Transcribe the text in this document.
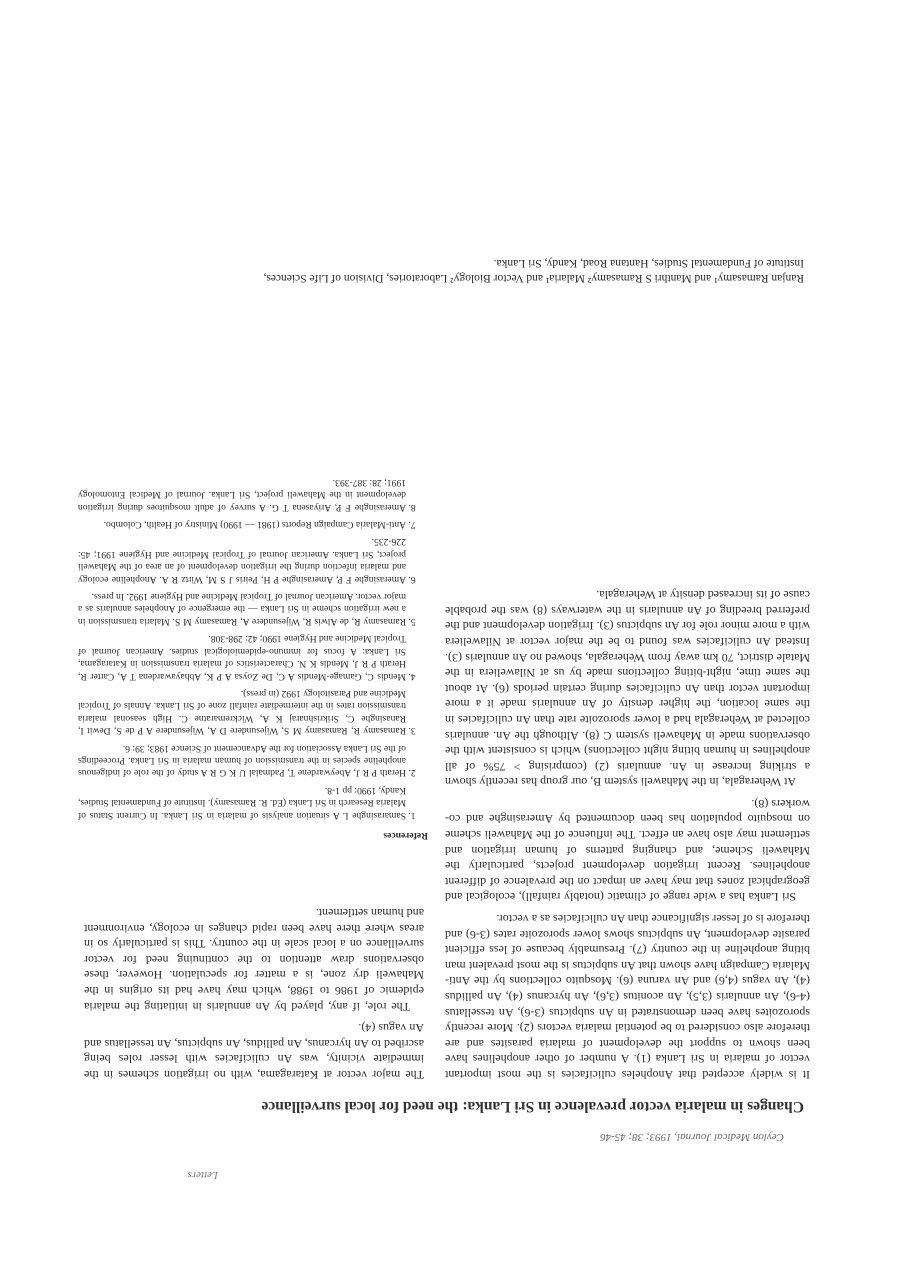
Letters
Ceylon Medical Journal, 1993; 38; 45-46
Changes in malaria vector prevalence in Sri Lanka: the need for local surveillance

It is widely accepted that Anopheles culicifacies is the most important vector of malaria in Sri Lanka (1). A number of other anophelines have been shown to support the development of malaria parasites and are therefore also considered to be potential malaria vectors (2). More recently sporozoites have been demonstrated in An subpictus (3-6), An tessellatus (4-6), An annularis (3,5), An aconitus (3,6), An hyrcanus (4), An pallidus (4), An vagus (4,6) and An varuna (6). Mosquito collections by the Anti-Malaria Campaign have shown that An subpictus is the most prevalent man biting anopheline in the country (7). Presumably because of less efficient parasite development, An subpictus shows lower sporozoite rates (3-6) and therefore is of lesser significance than An culicifacies as a vector.

Sri Lanka has a wide range of climatic (notably rainfall), ecological and geographical zones that may have an impact on the prevalence of different anophelines. Recent irrigation development projects, particularly the Mahaweli Scheme, and changing patterns of human irrigation and settlement may also have an effect. The influence of the Mahaweli scheme on mosquito population has been documented by Amerasinghe and co-workers (8).

At Weheragala, in the Mahaweli system B, our group has recently shown a striking increase in An. annularis (2) (comprising > 75% of all anophelines in human biting night collections) which is consistent with the observations made in Mahaweli system C (8). Although the An. annularis collected at Weheragala had a lower sporozoite rate than An culicifacies in the same location, the higher density of An annularis made it a more important vector than An culicifacies during certain periods (6). At about the same time, night-biting collections made by us at Nilaweliera in the Matale district, 70 km away from Weheragala, showed no An annularis (3). Instead An culicifacies was found to be the major vector at Nilaweliera with a more minor role for An subpictus (3). Irrigation development and the preferred breeding of An annularis in the waterways (8) was the probable cause of its increased density at Weheragala.

The major vector at Kataragama, with no irrigation schemes in the immediate vicinity, was An culicifacies with lesser roles being ascribed to An hyrcanus, An pallidus, An subpictus, An tessellatus and An vagus (4).

The role, if any, played by An annularis in initiating the malaria epidemic of 1986 to 1988, which may have had its origins in the Mahaweli dry zone, is a matter for speculation. However, these observations draw attention to the continuing need for vector surveillance on a local scale in the country. This is particularly so in areas where there have been rapid changes in ecology, environment and human settlement.

References
1. Samarasinghe L A situation analysis of malaria in Sri Lanka. In Current Status of Malaria Research in Sri Lanka (Ed. R. Ramasamy). Institute of Fundamental Studies, Kandy, 1990: pp 1-8.
2. Herath P R J, Abeywardene T, Padmalal U K G R A study of the role of indigenous anopheline species in the transmission of human malaria in Sri Lanka. Proceedings of the Sri Lanka Association for the Advancement of Science 1983; 39: 6.
3. Ramasamy R, Ramasamy M S, Wijesundere D A, Wijesundere A P de S, Dewit I, Ranasinghe C, Srikrishnaraj K A, Wickremaratne C. High seasonal malaria transmission rates in the intermediate rainfall zone of Sri Lanka. Annals of Tropical Medicine and Parasitology 1992 (in press).
4. Mendis C, Gamage-Mendis A C, De Zoysa A P K, Abhayawardena T A, Carter R, Herath P R J, Mendis K N. Characteristics of malaria transmission in Kataragama, Sri Lanka: A focus for immuno-epidemiological studies. American Journal of Tropical Medicine and Hygiene 1990; 42: 298-308.
5. Ramasamy R, de Alwis R, Wijesundere A, Ramasamy M S. Malaria transmission in a new irrigation scheme in Sri Lanka — the emergence of Anopheles annularis as a major vector. American Journal of Tropical Medicine and Hygiene 1992. In press.
6. Amerasinghe F P, Amerasinghe P H, Peiris J S M, Wirtz R A. Anopheline ecology and malaria infection during the irrigation development of an area of the Mahaweli project, Sri Lanka. American Journal of Tropical Medicine and Hygiene 1991; 45: 226-235.
7. Anti-Malaria Campaign Reports (1981 — 1990) Ministry of Health, Colombo.
8. Amerasinghe F P, Ariyasena T G. A survey of adult mosquitoes during irrigation development in the Mahaweli project, Sri Lanka. Journal of Medical Entomology 1991; 28: 387-393.
Ranjan Ramasamy¹ and Manthri S Ramasamy² Malaria¹ and Vector Biology² Laboratories, Division of Life Sciences, Institute of Fundamental Studies, Hantana Road, Kandy, Sri Lanka.
